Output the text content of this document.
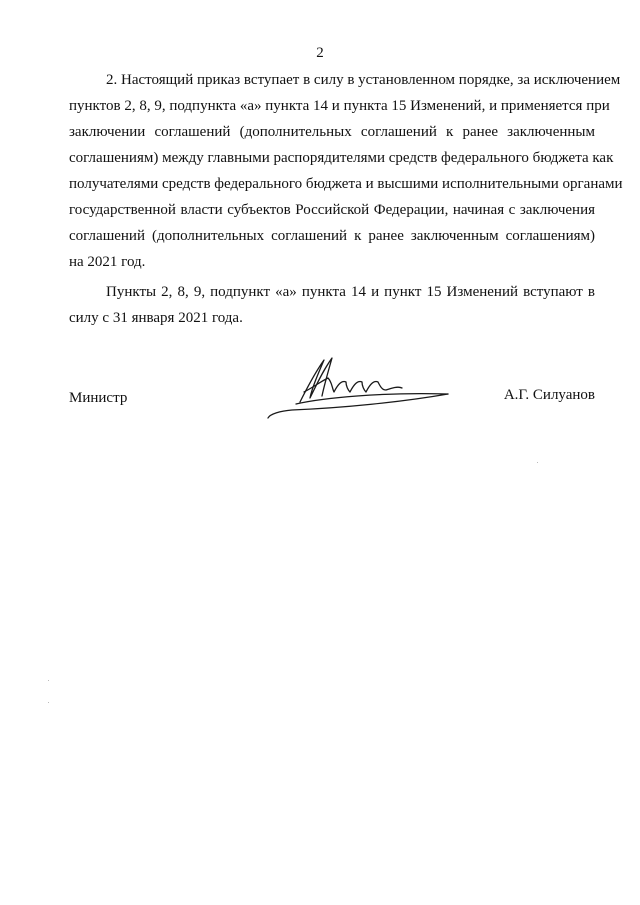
2

2. Настоящий приказ вступает в силу в установленном порядке, за исключением
пунктов 2, 8, 9, подпункта «а» пункта 14 и пункта 15 Изменений, и применяется при
заключении соглашений (дополнительных соглашений к ранее заключенным
соглашениям) между главными распорядителями средств федерального бюджета как
получателями средств федерального бюджета и высшими исполнительными органами
государственной власти субъектов Российской Федерации, начиная с заключения
соглашений (дополнительных соглашений к ранее заключенным соглашениям)
на 2021 год.

Пункты 2, 8, 9, подпункт «а» пункта 14 и пункт 15 Изменений вступают в
силу с 31 января 2021 года.

Министр	А.Г. Силуанов
